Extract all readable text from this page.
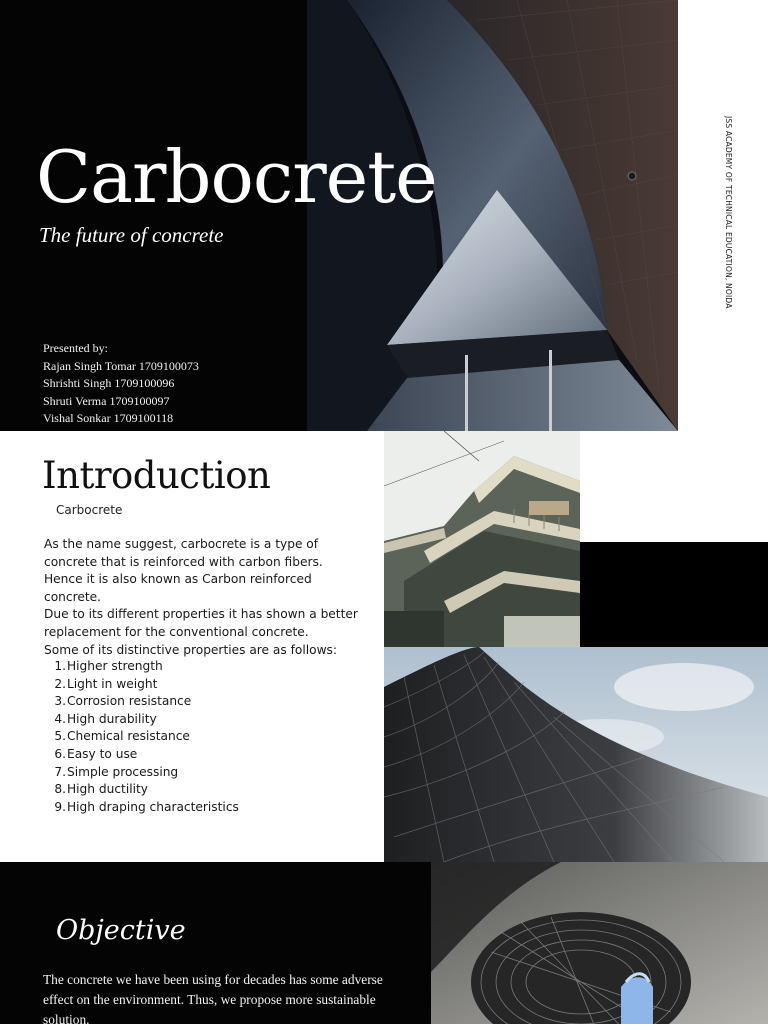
JSS ACADEMY OF TECHNICAL EDUCATION, NOIDA
Carbocrete
The future of concrete
Presented by:
Rajan Singh Tomar 1709100073
Shrishti Singh 1709100096
Shruti Verma 1709100097
Vishal Sonkar 1709100118
Introduction
Carbocrete

As the name suggest, carbocrete is a type of concrete that is reinforced with carbon fibers. Hence it is also known as Carbon reinforced concrete.

Due to its different properties it has shown a better replacement for the conventional concrete.

Some of its distinctive properties are as follows:

1.Higher strength
2.Light in weight
3.Corrosion resistance
4.High durability
5.Chemical resistance
6.Easy to use
7.Simple processing
8.High ductility
9.High draping characteristics
Objective
The concrete we have been using for decades has some adverse effect on the environment. Thus, we propose more sustainable solution.
